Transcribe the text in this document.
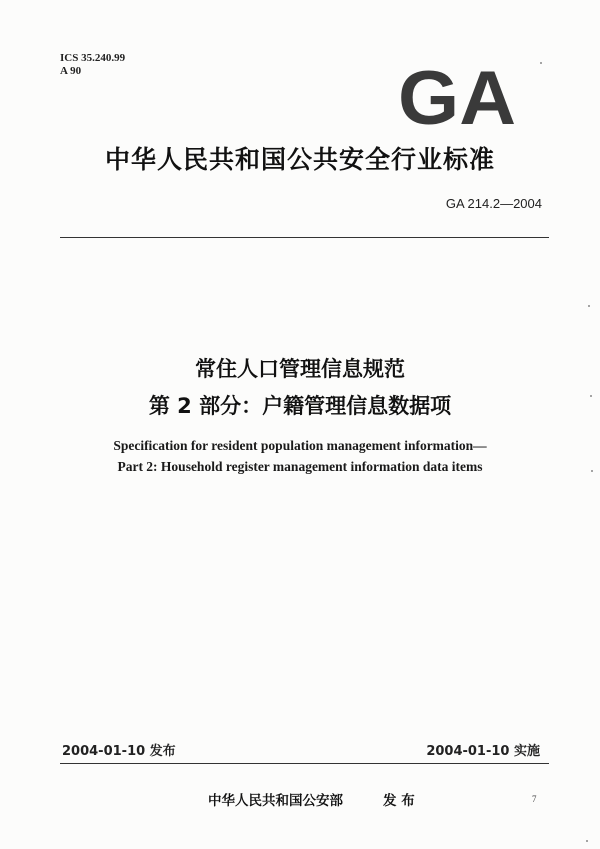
ICS 35.240.99
A 90	GA
中华人民共和国公共安全行业标准
GA 214.2—2004
常住人口管理信息规范
第 2 部分：户籍管理信息数据项
Specification for resident population management information—
Part 2: Household register management information data items
2004-01-10 发布	2004-01-10 实施
中华人民共和国公安部	发 布	7
